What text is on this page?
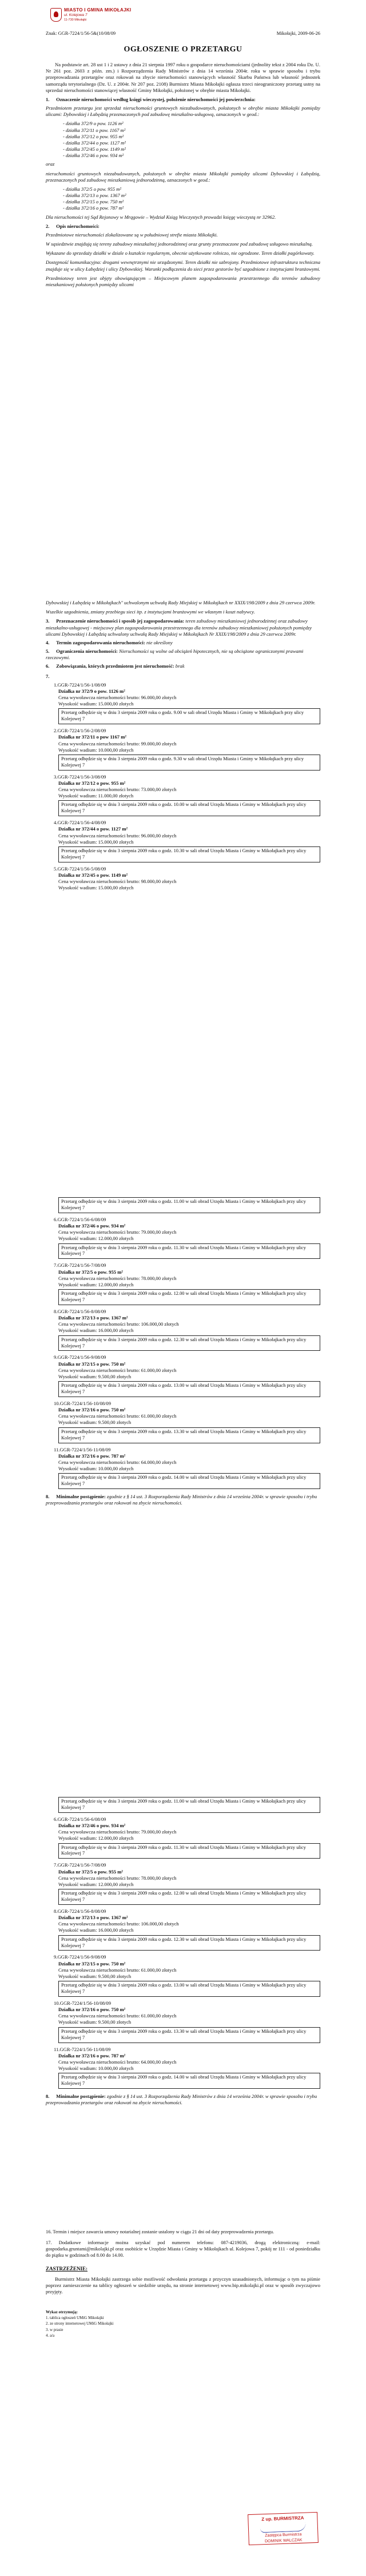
MIASTO I GMINA MIKOŁAJKI
ul. Kolejowa 7
11-730 Mikołajki
Znak: GGR-7224/1/56-5&(10/08/09	Mikołajki, 2009-06-26
OGŁOSZENIE O PRZETARGU

Na podstawie art. 28 ust 1 i 2 ustawy z dnia 21 sierpnia 1997 roku o gospodarce nieruchomościami (jednolity tekst z 2004 roku Dz. U. Nr 261 poz. 2603 z późn. zm.) i Rozporządzenia Rady Ministrów z dnia 14 września 2004r. roku w sprawie sposobu i trybu przeprowadzania przetargów oraz rokowań na zbycie nieruchomości stanowiących własność Skarbu Państwa lub własność jednostek samorządu terytorialnego (Dz. U. z 2004r. Nr 207 poz. 2108) Burmistrz Miasta Mikołajki ogłasza trzeci nieograniczony przetarg ustny na sprzedaż nieruchomości stanowiącej własność Gminy Mikołajki, położonej w obrębie miasta Mikołajki.

1. Oznaczenie nieruchomości według księgi wieczystej, położenie nieruchomości jej powierzchnia:

Przedmiotem przetargu jest sprzedaż nieruchomości gruntowych niezabudowanych, położonych w obrębie miasta Mikołajki pomiędzy ulicami: Dybowskiej i Łabędzią przeznaczonych pod zabudowę mieszkalno-usługową, oznaczonych w geod.:

- działka 372/9 o pow. 1126 m²
- działka 372/11 o pow. 1167 m²
- działka 372/12 o pow. 955 m²
- działka 372/44 o pow. 1127 m²
- działka 372/45 o pow. 1149 m²
- działka 372/46 o pow. 934 m²

oraz

nieruchomości gruntowych niezabudowanych, położonych w obrębie miasta Mikołajki pomiędzy ulicami Dybowskiej i Łabędzią, przeznaczonych pod zabudowę mieszkaniową jednorodzinną, oznaczonych w geod.:

- działka 372/5 o pow. 955 m²
- działka 372/13 o pow. 1367 m²
- działka 372/15 o pow. 750 m²
- działka 372/16 o pow. 787 m²

Dla nieruchomości tej Sąd Rejonowy w Mrągowie – Wydział Ksiąg Wieczystych prowadzi księgę wieczystą nr 32962.

2. Opis nieruchomości:

Przedmiotowe nieruchomości zlokalizowane są w południowej strefie miasta Mikołajki.

W sąsiedztwie znajdują się tereny zabudowy mieszkalnej jednorodzinnej oraz grunty przeznaczone pod zabudowę usługowo mieszkalną.

Wykazane do sprzedaży działki w dziale o kształcie regularnym, obecnie użytkowane rolniczo, nie ogrodzone. Teren działki pagórkowaty.

Dostępność komunikacyjna: drogami wewnętrznymi nie urządzonymi. Teren działki nie uzbrojony. Przedmiotowe infrastruktura techniczna znajduje się w ulicy Łabędziej i ulicy Dybowskiej. Warunki podłączenia do sieci przez gestorów być uzgodnione z instytucjami branżowymi.

Przedmiotowy teren jest objęty obowiązującym – Miejscowym planem zagospodarowania przestrzennego dla terenów zabudowy mieszkaniowej położonych pomiędzy ulicami

Dybowskiej i Łabędzią w Mikołajkach" uchwalonym uchwałą Rady Miejskiej w Mikołajkach nr XXIX/198/2009 z dnia 29 czerwca 2009r.

Wszelkie uzgodnienia, zmiany przebiegu sieci itp. z instytucjami branżowymi we własnym i koszt nabywcy.

3. Przeznaczenie nieruchomości i sposób jej zagospodarowania: teren zabudowy mieszkaniowej jednorodzinnej oraz zabudowy mieszkalno-usługowej - miejscowy plan zagospodarowania przestrzennego dla terenów zabudowy mieszkaniowej położonych pomiędzy ulicami Dybowskiej i Łabędzią uchwalony uchwałą Rady Miejskiej w Mikołajkach Nr XXIX/198/2009 z dnia 29 czerwca 2009r.
4. Termin zagospodarowania nieruchomości: nie określony
5. Ograniczenia nieruchomości: Nieruchomości są wolne od obciążeń hipotecznych, nie są obciążone ograniczonymi prawami rzeczowymi.
6. Zobowiązania, których przedmiotem jest nieruchomość: brak
7.
1.GGR-7224/1/56-1/08/09
Działka nr 372/9 o pow. 1126 m²
Cena wywoławcza nieruchomości brutto: 96.000,00 złotych
Wysokość wadium: 15.000,00 złotych
Przetarg odbędzie się w dniu 3 sierpnia 2009 roku o godz. 9.00 w sali obrad Urzędu Miasta i Gminy w Mikołajkach przy ulicy Kolejowej 7
2.GGR-7224/1/56-2/08/09
Działka nr 372/11 o pow 1167 m²
Cena wywoławcza nieruchomości brutto: 99.000,00 złotych
Wysokość wadium: 10.000,00 złotych
Przetarg odbędzie się w dniu 3 sierpnia 2009 roku o godz. 9.30 w sali obrad Urzędu Miasta i Gminy w Mikołajkach przy ulicy Kolejowej 7
3.GGR-7224/1/56-3/08/09
Działka nr 372/12 o pow. 955 m²
Cena wywoławcza nieruchomości brutto: 73.000,00 złotych
Wysokość wadium: 11.000,00 złotych
Przetarg odbędzie się w dniu 3 sierpnia 2009 roku o godz. 10.00 w sali obrad Urzędu Miasta i Gminy w Mikołajkach przy ulicy Kolejowej 7
4.GGR-7224/1/56-4/08/09
Działka nr 372/44 o pow. 1127 m²
Cena wywoławcza nieruchomości brutto: 96.000,00 złotych
Wysokość wadium: 15.000,00 złotych
Przetarg odbędzie się w dniu 3 sierpnia 2009 roku o godz. 10.30 w sali obrad Urzędu Miasta i Gminy w Mikołajkach przy ulicy Kolejowej 7
5.GGR-7224/1/56-5/08/09
Działka nr 372/45 o pow. 1149 m²
Cena wywoławcza nieruchomości brutto: 98.000,00 złotych
Wysokość wadium: 15.000,00 złotych
Przetarg odbędzie się w dniu 3 sierpnia 2009 roku o godz. 11.00 w sali obrad Urzędu Miasta i Gminy w Mikołajkach przy ulicy Kolejowej 7
6.GGR-7224/1/56-6/08/09
Działka nr 372/46 o pow. 934 m²
Cena wywoławcza nieruchomości brutto: 79.000,00 złotych
Wysokość wadium: 12.000,00 złotych
Przetarg odbędzie się w dniu 3 sierpnia 2009 roku o godz. 11.30 w sali obrad Urzędu Miasta i Gminy w Mikołajkach przy ulicy Kolejowej 7
7.GGR-7224/1/56-7/08/09
Działka nr 372/5 o pow. 955 m²
Cena wywoławcza nieruchomości brutto: 78.000,00 złotych
Wysokość wadium: 12.000,00 złotych
Przetarg odbędzie się w dniu 3 sierpnia 2009 roku o godz. 12.00 w sali obrad Urzędu Miasta i Gminy w Mikołajkach przy ulicy Kolejowej 7
8.GGR-7224/1/56-8/08/09
Działka nr 372/13 o pow. 1367 m²
Cena wywoławcza nieruchomości brutto: 106.000,00 złotych
Wysokość wadium: 16.000,00 złotych
Przetarg odbędzie się w dniu 3 sierpnia 2009 roku o godz. 12.30 w sali obrad Urzędu Miasta i Gminy w Mikołajkach przy ulicy Kolejowej 7
9.GGR-7224/1/56-9/08/09
Działka nr 372/15 o pow. 750 m²
Cena wywoławcza nieruchomości brutto: 61.000,00 złotych
Wysokość wadium: 9.500,00 złotych
Przetarg odbędzie się w dniu 3 sierpnia 2009 roku o godz. 13.00 w sali obrad Urzędu Miasta i Gminy w Mikołajkach przy ulicy Kolejowej 7
10.GGR-7224/1/56-10/08/09
Działka nr 372/16 o pow. 750 m²
Cena wywoławcza nieruchomości brutto: 61.000,00 złotych
Wysokość wadium: 9.500,00 złotych
Przetarg odbędzie się w dniu 3 sierpnia 2009 roku o godz. 13.30 w sali obrad Urzędu Miasta i Gminy w Mikołajkach przy ulicy Kolejowej 7
11.GGR-7224/1/56-11/08/09
Działka nr 372/16 o pow. 787 m²
Cena wywoławcza nieruchomości brutto: 64.000,00 złotych
Wysokość wadium: 10.000,00 złotych
Przetarg odbędzie się w dniu 3 sierpnia 2009 roku o godz. 14.00 w sali obrad Urzędu Miasta i Gminy w Mikołajkach przy ulicy Kolejowej 7
8. Minimalne postąpienie: zgodnie z § 14 ust. 3 Rozporządzenia Rady Ministrów z dnia 14 września 2004r. w sprawie sposobu i trybu przeprowadzania przetargów oraz rokowań na zbycie nieruchomości.
Przetarg odbędzie się w dniu 3 sierpnia 2009 roku o godz. 11.00 w sali obrad Urzędu Miasta i Gminy w Mikołajkach przy ulicy Kolejowej 7
6.GGR-7224/1/56-6/08/09
Działka nr 372/46 o pow. 934 m²
Cena wywoławcza nieruchomości brutto: 79.000,00 złotych
Wysokość wadium: 12.000,00 złotych
Przetarg odbędzie się w dniu 3 sierpnia 2009 roku o godz. 11.30 w sali obrad Urzędu Miasta i Gminy w Mikołajkach przy ulicy Kolejowej 7
7.GGR-7224/1/56-7/08/09
Działka nr 372/5 o pow. 955 m²
Cena wywoławcza nieruchomości brutto: 78.000,00 złotych
Wysokość wadium: 12.000,00 złotych
Przetarg odbędzie się w dniu 3 sierpnia 2009 roku o godz. 12.00 w sali obrad Urzędu Miasta i Gminy w Mikołajkach przy ulicy Kolejowej 7
8.GGR-7224/1/56-8/08/09
Działka nr 372/13 o pow. 1367 m²
Cena wywoławcza nieruchomości brutto: 106.000,00 złotych
Wysokość wadium: 16.000,00 złotych
Przetarg odbędzie się w dniu 3 sierpnia 2009 roku o godz. 12.30 w sali obrad Urzędu Miasta i Gminy w Mikołajkach przy ulicy Kolejowej 7
9.GGR-7224/1/56-9/08/09
Działka nr 372/15 o pow. 750 m²
Cena wywoławcza nieruchomości brutto: 61.000,00 złotych
Wysokość wadium: 9.500,00 złotych
Przetarg odbędzie się w dniu 3 sierpnia 2009 roku o godz. 13.00 w sali obrad Urzędu Miasta i Gminy w Mikołajkach przy ulicy Kolejowej 7
10.GGR-7224/1/56-10/08/09
Działka nr 372/16 o pow. 750 m²
Cena wywoławcza nieruchomości brutto: 61.000,00 złotych
Wysokość wadium: 9.500,00 złotych
Przetarg odbędzie się w dniu 3 sierpnia 2009 roku o godz. 13.30 w sali obrad Urzędu Miasta i Gminy w Mikołajkach przy ulicy Kolejowej 7
11.GGR-7224/1/56-11/08/09
Działka nr 372/16 o pow. 787 m²
Cena wywoławcza nieruchomości brutto: 64.000,00 złotych
Wysokość wadium: 10.000,00 złotych
Przetarg odbędzie się w dniu 3 sierpnia 2009 roku o godz. 14.00 w sali obrad Urzędu Miasta i Gminy w Mikołajkach przy ulicy Kolejowej 7
8. Minimalne postąpienie: zgodnie z § 14 ust. 3 Rozporządzenia Rady Ministrów z dnia 14 września 2004r. w sprawie sposobu i trybu przeprowadzania przetargów oraz rokowań na zbycie nieruchomości.

16. Termin i miejsce zawarcia umowy notarialnej zostanie ustalony w ciągu 21 dni od daty przeprowadzenia przetargu.

17. Dodatkowe informacje można uzyskać pod numerem telefonu: 087-4219036, drogą elektroniczną: e-mail: gospodarka.gruntami@mikolajki.pl oraz osobiście w Urzędzie Miasta i Gminy w Mikołajkach ul. Kolejowa 7, pokój nr 111 - od poniedziałku do piątku w godzinach od 8.00 do 14.00.

ZASTRZEŻENIE:

Burmistrz Miasta Mikołajki zastrzega sobie możliwość odwołania przetargu z przyczyn uzasadnionych, informując o tym na piśmie poprzez zamieszczenie na tablicy ogłoszeń w siedzibie urzędu, na stronie internetowej www.bip.mikolajki.pl oraz w sposób zwyczajowo przyjęty.

Wykaz otrzymują:
1. tablica ogłoszeń UMiG Mikołajki
2. ze strony internetowej UMiG Mikołajki
3. w prasie
4. a/a
Z up. BURMISTRZA
Zastępca Burmistrza
DOMINIK WALCZAK
